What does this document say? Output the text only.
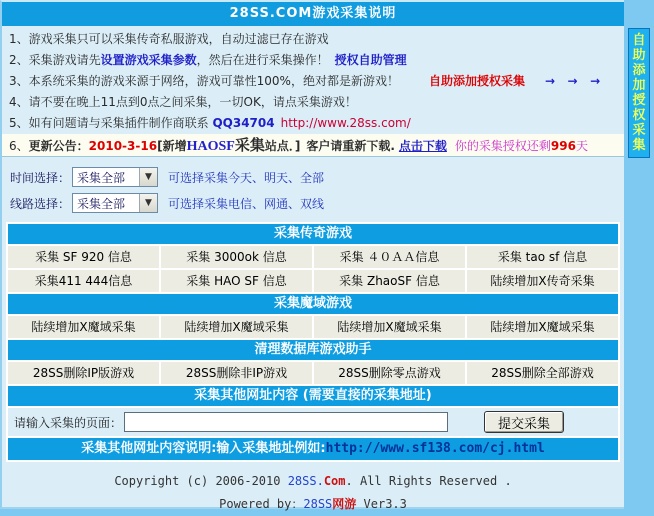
28SS.COM游戏采集说明
1、游戏采集只可以采集传奇私服游戏，自动过滤已存在游戏
2、采集游戏请先设置游戏采集参数，然后在进行采集操作！ 授权自助管理
3、本系统采集的游戏来源于网络，游戏可靠性100%，绝对都是新游戏！	自助添加授权采集 →   →   →
4、请不要在晚上11点到0点之间采集，一切OK，请点采集游戏！
5、如有问题请与采集插件制作商联系 QQ34704 http://www.28ss.com/
6、更新公告：2010-3-16[新增HAOSF采集站点．] 客户请重新下载. 点击下载 你的采集授权还剩996天
时间选择： 采集全部	▼	可选择采集今天、明天、全部
线路选择： 采集全部	▼	可选择采集电信、网通、双线
采集传奇游戏
采集 SF 920 信息	采集 3000ok 信息	采集 ４０ＡＡ信息	采集 tao sf 信息
采集411 444信息	采集 HAO SF 信息	采集 ZhaoSF 信息	陆续增加X传奇采集
采集魔域游戏
陆续增加X魔域采集	陆续增加X魔域采集	陆续增加X魔域采集	陆续增加X魔域采集
清理数据库游戏助手
28SS删除IP版游戏	28SS删除非IP游戏	28SS删除零点游戏	28SS删除全部游戏
采集其他网址内容 (需要直接的采集地址)
请输入采集的页面：	提交采集
采集其他网址内容说明:输入采集地址例如:http://www.sf138.com/cj.html
Copyright (c) 2006-2010 28SS.Com. All Rights Reserved .
Powered by：28SS网游 Ver3.3
自助添加授权采集
